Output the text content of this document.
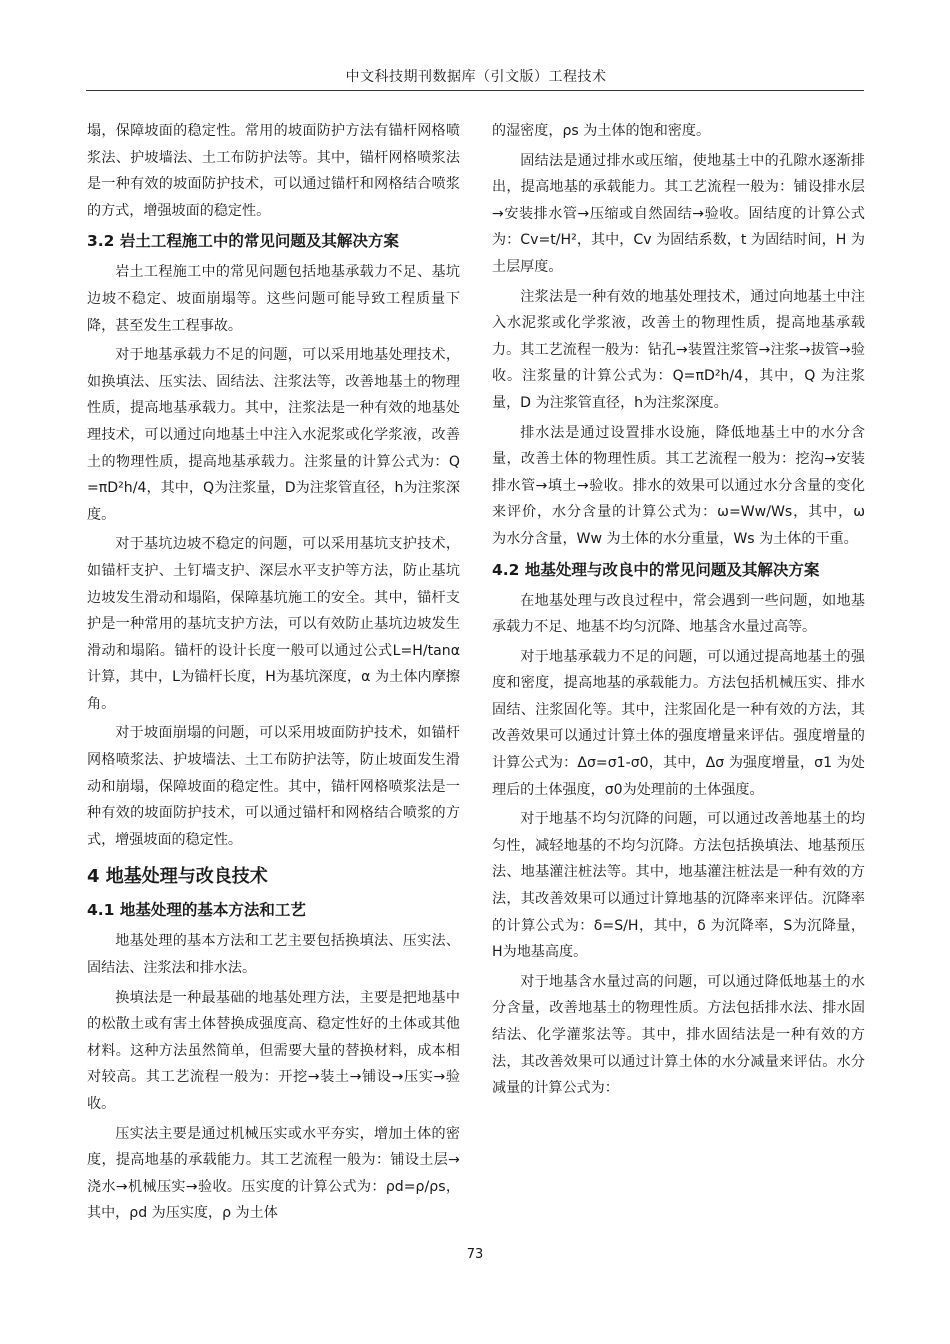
中文科技期刊数据库（引文版）工程技术

塌，保障坡面的稳定性。常用的坡面防护方法有锚杆网格喷浆法、护坡墙法、土工布防护法等。其中，锚杆网格喷浆法是一种有效的坡面防护技术，可以通过锚杆和网格结合喷浆的方式，增强坡面的稳定性。

3.2 岩土工程施工中的常见问题及其解决方案

岩土工程施工中的常见问题包括地基承载力不足、基坑边坡不稳定、坡面崩塌等。这些问题可能导致工程质量下降，甚至发生工程事故。

对于地基承载力不足的问题，可以采用地基处理技术，如换填法、压实法、固结法、注浆法等，改善地基土的物理性质，提高地基承载力。其中，注浆法是一种有效的地基处理技术，可以通过向地基土中注入水泥浆或化学浆液，改善土的物理性质，提高地基承载力。注浆量的计算公式为：Q=πD²h/4，其中，Q为注浆量，D为注浆管直径，h为注浆深度。

对于基坑边坡不稳定的问题，可以采用基坑支护技术，如锚杆支护、土钉墙支护、深层水平支护等方法，防止基坑边坡发生滑动和塌陷，保障基坑施工的安全。其中，锚杆支护是一种常用的基坑支护方法，可以有效防止基坑边坡发生滑动和塌陷。锚杆的设计长度一般可以通过公式L=H/tanα 计算，其中，L为锚杆长度，H为基坑深度，α 为土体内摩擦角。

对于坡面崩塌的问题，可以采用坡面防护技术，如锚杆网格喷浆法、护坡墙法、土工布防护法等，防止坡面发生滑动和崩塌，保障坡面的稳定性。其中，锚杆网格喷浆法是一种有效的坡面防护技术，可以通过锚杆和网格结合喷浆的方式，增强坡面的稳定性。

4 地基处理与改良技术
4.1 地基处理的基本方法和工艺

地基处理的基本方法和工艺主要包括换填法、压实法、固结法、注浆法和排水法。

换填法是一种最基础的地基处理方法，主要是把地基中的松散土或有害土体替换成强度高、稳定性好的土体或其他材料。这种方法虽然简单，但需要大量的替换材料，成本相对较高。其工艺流程一般为：开挖→装土→铺设→压实→验收。

压实法主要是通过机械压实或水平夯实，增加土体的密度，提高地基的承载能力。其工艺流程一般为：铺设土层→浇水→机械压实→验收。压实度的计算公式为：ρd=ρ/ρs，其中，ρd 为压实度，ρ 为土体

的湿密度，ρs 为土体的饱和密度。

固结法是通过排水或压缩，使地基土中的孔隙水逐渐排出，提高地基的承载能力。其工艺流程一般为：铺设排水层→安装排水管→压缩或自然固结→验收。固结度的计算公式为：Cv=t/H²，其中，Cv 为固结系数，t 为固结时间，H 为土层厚度。

注浆法是一种有效的地基处理技术，通过向地基土中注入水泥浆或化学浆液，改善土的物理性质，提高地基承载力。其工艺流程一般为：钻孔→装置注浆管→注浆→拔管→验收。注浆量的计算公式为：Q=πD²h/4，其中，Q 为注浆量，D 为注浆管直径，h为注浆深度。

排水法是通过设置排水设施，降低地基土中的水分含量，改善土体的物理性质。其工艺流程一般为：挖沟→安装排水管→填土→验收。排水的效果可以通过水分含量的变化来评价，水分含量的计算公式为：ω=Ww/Ws，其中，ω 为水分含量，Ww 为土体的水分重量，Ws 为土体的干重。

4.2 地基处理与改良中的常见问题及其解决方案

在地基处理与改良过程中，常会遇到一些问题，如地基承载力不足、地基不均匀沉降、地基含水量过高等。

对于地基承载力不足的问题，可以通过提高地基土的强度和密度，提高地基的承载能力。方法包括机械压实、排水固结、注浆固化等。其中，注浆固化是一种有效的方法，其改善效果可以通过计算土体的强度增量来评估。强度增量的计算公式为：Δσ=σ1-σ0，其中，Δσ 为强度增量，σ1 为处理后的土体强度，σ0为处理前的土体强度。

对于地基不均匀沉降的问题，可以通过改善地基土的均匀性，减轻地基的不均匀沉降。方法包括换填法、地基预压法、地基灌注桩法等。其中，地基灌注桩法是一种有效的方法，其改善效果可以通过计算地基的沉降率来评估。沉降率的计算公式为：δ=S/H，其中，δ 为沉降率，S为沉降量，H为地基高度。

对于地基含水量过高的问题，可以通过降低地基土的水分含量，改善地基土的物理性质。方法包括排水法、排水固结法、化学灌浆法等。其中，排水固结法是一种有效的方法，其改善效果可以通过计算土体的水分减量来评估。水分减量的计算公式为：

73
